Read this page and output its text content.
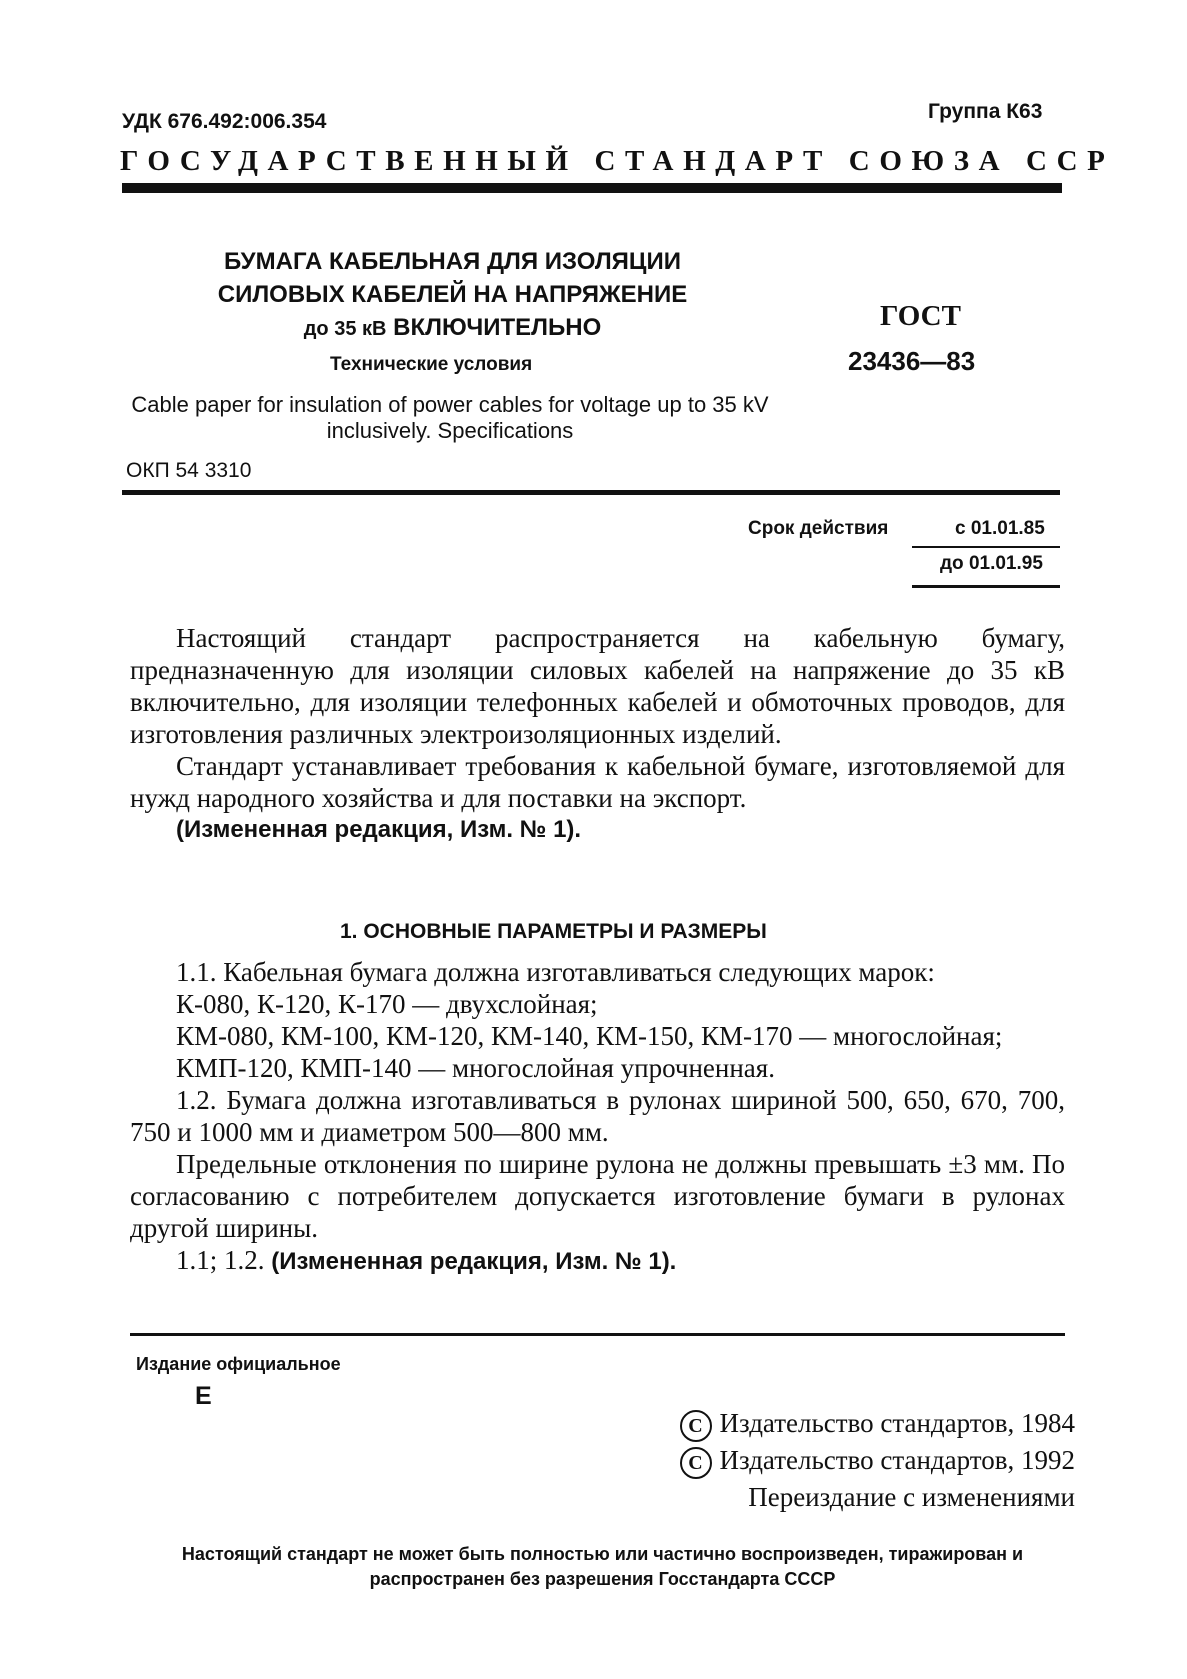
УДК 676.492:006.354	Группа К63
ГОСУДАРСТВЕННЫЙ СТАНДАРТ СОЮЗА ССР
БУМАГА КАБЕЛЬНАЯ ДЛЯ ИЗОЛЯЦИИ
СИЛОВЫХ КАБЕЛЕЙ НА НАПРЯЖЕНИЕ
до 35 кВ ВКЛЮЧИТЕЛЬНО	ГОСТ
23436—83
Технические условия
Cable paper for insulation of power cables for voltage up to 35 kV inclusively. Specifications
ОКП 54 3310
Срок действия	с 01.01.85
до 01.01.95

Настоящий стандарт распространяется на кабельную бумагу, предназначенную для изоляции силовых кабелей на напряжение до 35 кВ включительно, для изоляции телефонных кабелей и обмоточных проводов, для изготовления различных электроизоляционных изделий.

Стандарт устанавливает требования к кабельной бумаге, изготовляемой для нужд народного хозяйства и для поставки на экспорт.

(Измененная редакция, Изм. № 1).

1. ОСНОВНЫЕ ПАРАМЕТРЫ И РАЗМЕРЫ

1.1. Кабельная бумага должна изготавливаться следующих марок:

К-080, К-120, К-170 — двухслойная;

КМ-080, КМ-100, КМ-120, КМ-140, КМ-150, КМ-170 — многослойная;

КМП-120, КМП-140 — многослойная упрочненная.

1.2. Бумага должна изготавливаться в рулонах шириной 500, 650, 670, 700, 750 и 1000 мм и диаметром 500—800 мм.

Предельные отклонения по ширине рулона не должны превышать ±3 мм. По согласованию с потребителем допускается изготовление бумаги в рулонах другой ширины.

1.1; 1.2. (Измененная редакция, Изм. № 1).

Издание официальное
Е
С Издательство стандартов, 1984
С Издательство стандартов, 1992
Переиздание с изменениями
Настоящий стандарт не может быть полностью или частично воспроизведен, тиражирован и распространен без разрешения Госстандарта СССР
